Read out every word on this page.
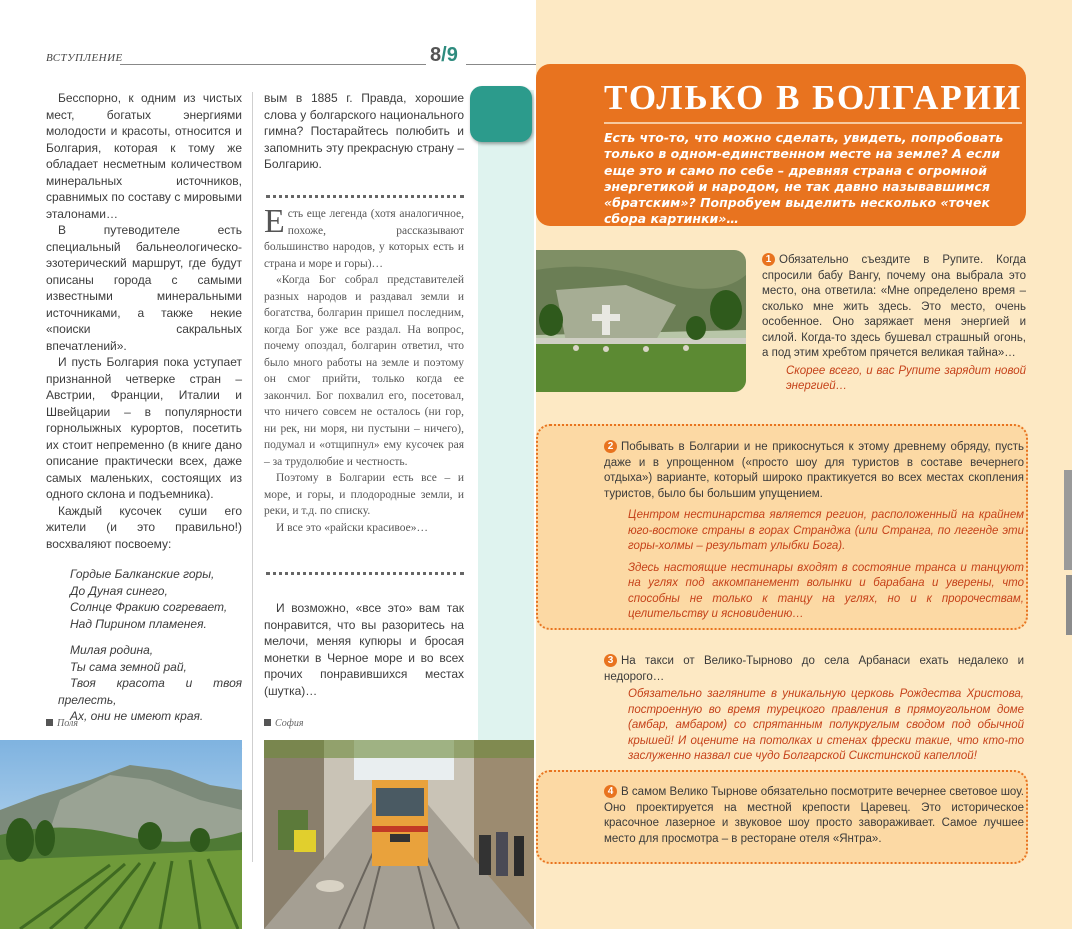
ВСТУПЛЕНИЕ	8/9

Бесспорно, к одним из чистых мест, богатых энергиями молодости и красоты, относится и Болгария, которая к тому же обладает несметным количеством минеральных источников, сравнимых по составу с мировыми эталонами…

В путеводителе есть специальный бальнеологическо-эзотерический маршрут, где будут описаны города с самыми известными минеральными источниками, а также некие «поиски сакральных впечатлений».

И пусть Болгария пока уступает признанной четверке стран – Австрии, Франции, Италии и Швейцарии – в популярности горнолыжных курортов, посетить их стоит непременно (в книге дано описание практически всех, даже самых маленьких, состоящих из одного склона и подъемника).

Каждый кусочек суши его жители (и это правильно!) восхваляют посвоему:

Гордые Балканские горы,

До Дуная синего,

Солнце Фракию согревает,

Над Пирином пламенея.

Милая родина,

Ты сама земной рай,

Твоя красота и твоя прелесть,

Ах, они не имеют края.

вым в 1885 г. Правда, хорошие слова у болгарского национального гимна? Постарайтесь полюбить и запомнить эту прекрасную страну – Болгарию.

Есть еще легенда (хотя аналогичное, похоже, рассказывают большинство народов, у которых есть и страна и море и горы)…
«Когда Бог собрал представителей разных народов и раздавал земли и богатства, болгарин пришел последним, когда Бог уже все раздал. На вопрос, почему опоздал, болгарин ответил, что было много работы на земле и поэтому он смог прийти, только когда ее закончил. Бог похвалил его, посетовал, что ничего совсем не осталось (ни гор, ни рек, ни моря, ни пустыни – ничего), подумал и «отщипнул» ему кусочек рая – за трудолюбие и честность.
Поэтому в Болгарии есть все – и море, и горы, и плодородные земли, и реки, и т.д. по списку.
И все это «райски красивое»…

И возможно, «все это» вам так понравится, что вы разоритесь на мелочи, меняя купюры и бросая монетки в Черное море и во всех прочих понравившихся местах (шутка)…

Поля	София
ТОЛЬКО В БОЛГАРИИ
Есть что-то, что можно сделать, увидеть, попробовать только в одном-единственном месте на земле? А если еще это и само по себе – древняя страна с огромной энергетикой и народом, не так давно называвшимся «братским»? Попробуем выделить несколько «точек сбора картинки»…
1 Обязательно съездите в Рупите. Когда спросили бабу Вангу, почему она выбрала это место, она ответила: «Мне определено время – сколько мне жить здесь. Это место, очень особенное. Оно заряжает меня энергией и силой. Когда-то здесь бушевал страшный огонь, а под этим хребтом прячется великая тайна»…
Скорее всего, и вас Рупите зарядит новой энергией…
2 Побывать в Болгарии и не прикоснуться к этому древнему обряду, пусть даже и в упрощенном («просто шоу для туристов в составе вечернего отдыха») варианте, который широко практикуется во всех местах скопления туристов, было бы большим упущением.
Центром нестинарства является регион, расположенный на крайнем юго-востоке страны в горах Странджа (или Странга, по легенде эти горы-холмы – результат улыбки Бога).
Здесь настоящие нестинары входят в состояние транса и танцуют на углях под аккомпанемент волынки и барабана и уверены, что способны не только к танцу на углях, но и к пророчествам, целительству и ясновидению…
3 На такси от Велико-Тырново до села Арбанаси ехать недалеко и недорого…
Обязательно загляните в уникальную церковь Рождества Христова, построенную во время турецкого правления в прямоугольном доме (амбар, амбаром) со спрятанным полукруглым сводом под обычной крышей! И оцените на потолках и стенах фрески такие, что кто-то заслуженно назвал сие чудо Болгарской Сикстинской капеллой!
4 В самом Велико Тырнове обязательно посмотрите вечернее световое шоу. Оно проектируется на местной крепости Царевец. Это историческое красочное лазерное и звуковое шоу просто завораживает. Самое лучшее место для просмотра – в ресторане отеля «Янтра».
